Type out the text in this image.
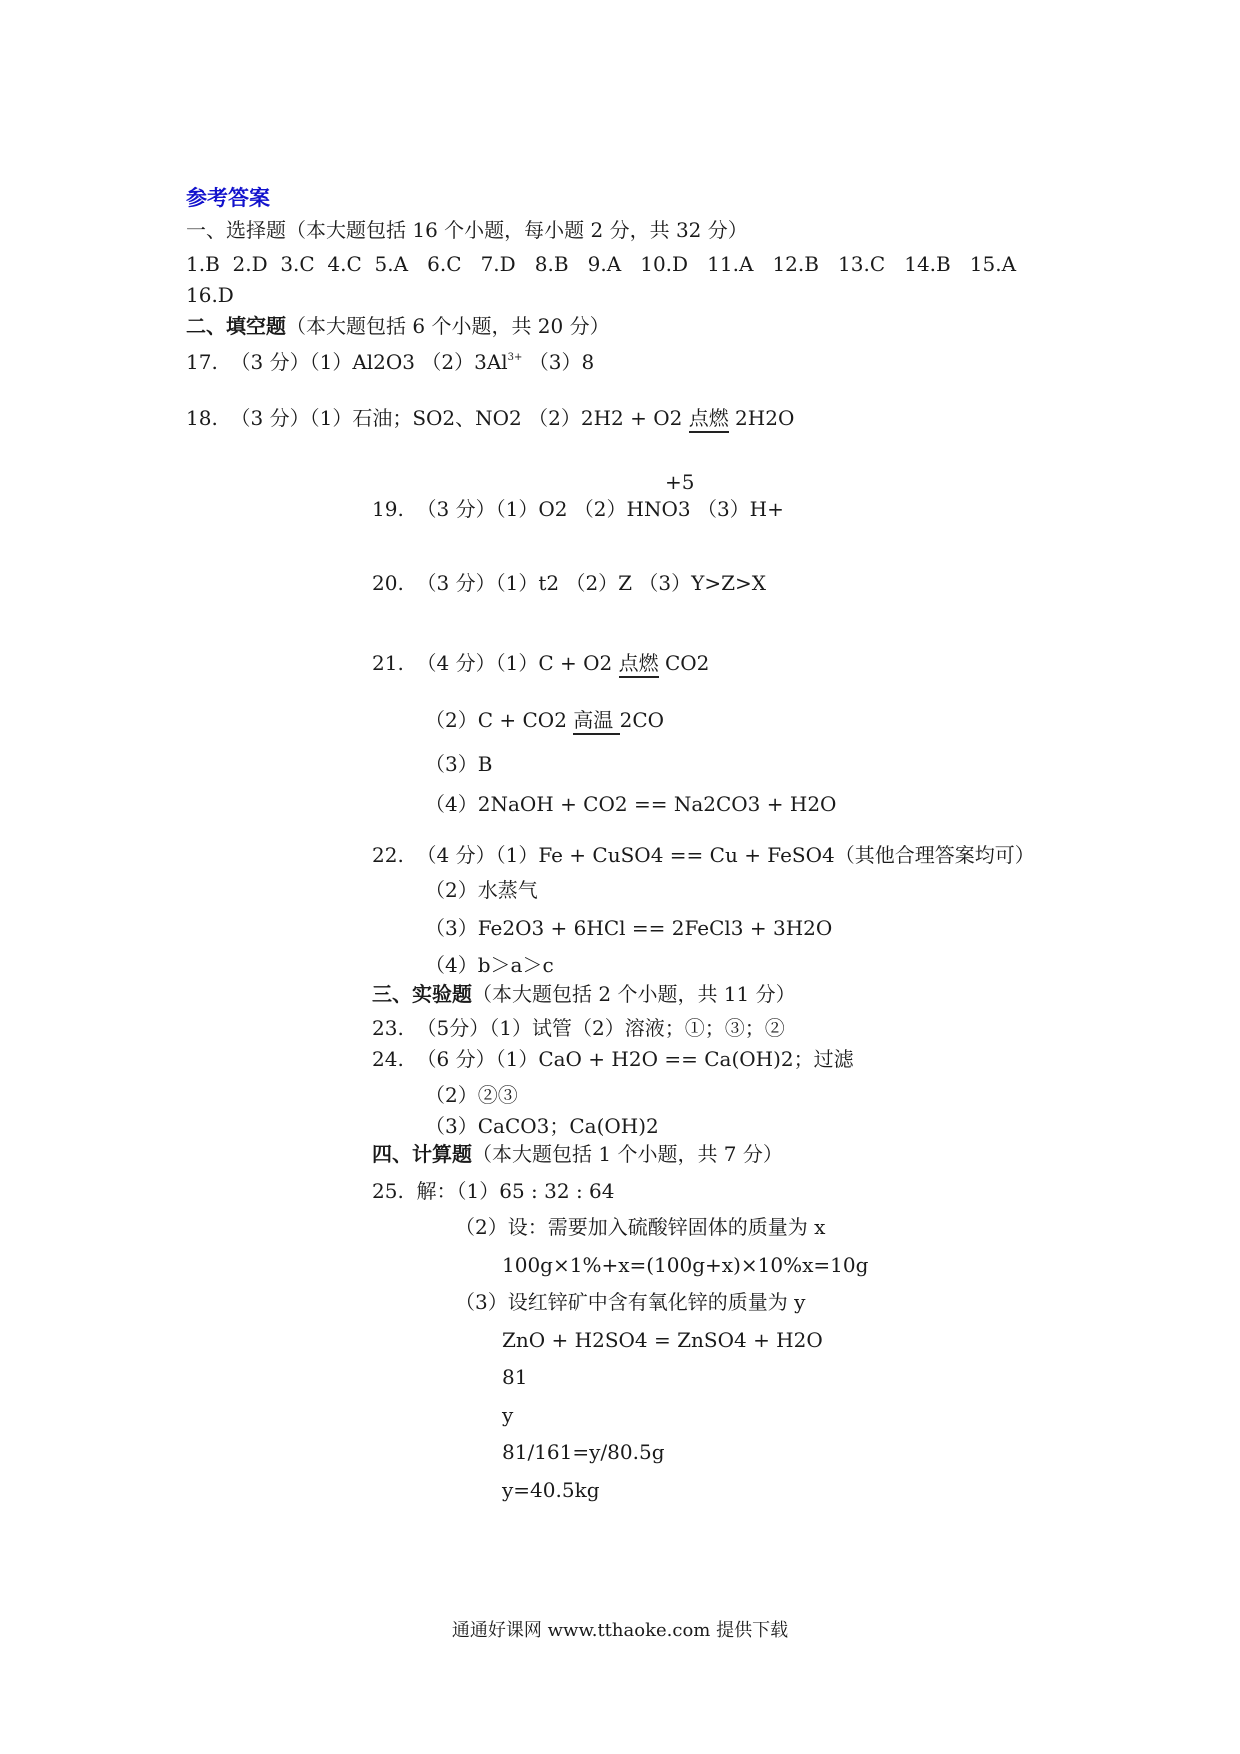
参考答案
一、选择题（本大题包括 16 个小题，每小题 2 分，共 32 分）
1.B  2.D  3.C  4.C  5.A   6.C   7.D   8.B   9.A   10.D   11.A   12.B   13.C   14.B   15.A
16.D
二、填空题（本大题包括 6 个小题，共 20 分）
17.  （3 分）（1）Al2O3 $(2)3Al^{3+}$ （3）8
18.  （3 分）（1）石油；SO2、NO2 （2）2H2 + O2 点燃 2H2O
+5
19.  （3 分）（1）O2 （2）HNO3 （3）H+
20.  （3 分）（1）t2 （2）Z （3）Y>Z>X
21.  （4 分）（1）C + O2 点燃 CO2
（2）C + CO2 高温 2CO
（3）B
（4）2NaOH + CO2 == Na2CO3 + H2O
22.  （4 分）（1）Fe + CuSO4 == Cu + FeSO4（其他合理答案均可）
（2）水蒸气
（3）Fe2O3 + 6HCl == 2FeCl3 + 3H2O
（4）b＞a＞c
三、实验题（本大题包括 2 个小题，共 11 分）
23.  （5分）（1）试管（2）溶液；①；③；②
24.  （6 分）（1）CaO + H2O == Ca(OH)2；过滤
（2）②③
（3）CaCO3；Ca(OH)2
四、计算题（本大题包括 1 个小题，共 7 分）
25.  解：（1）65 : 32 : 64
（2）设：需要加入硫酸锌固体的质量为 x
100g×1%+x=(100g+x)×10%x=10g
（3）设红锌矿中含有氧化锌的质量为 y
ZnO + H2SO4 = ZnSO4 + H2O
81
y
81/161=y/80.5g
y=40.5kg
通通好课网 www.tthaoke.com 提供下载
